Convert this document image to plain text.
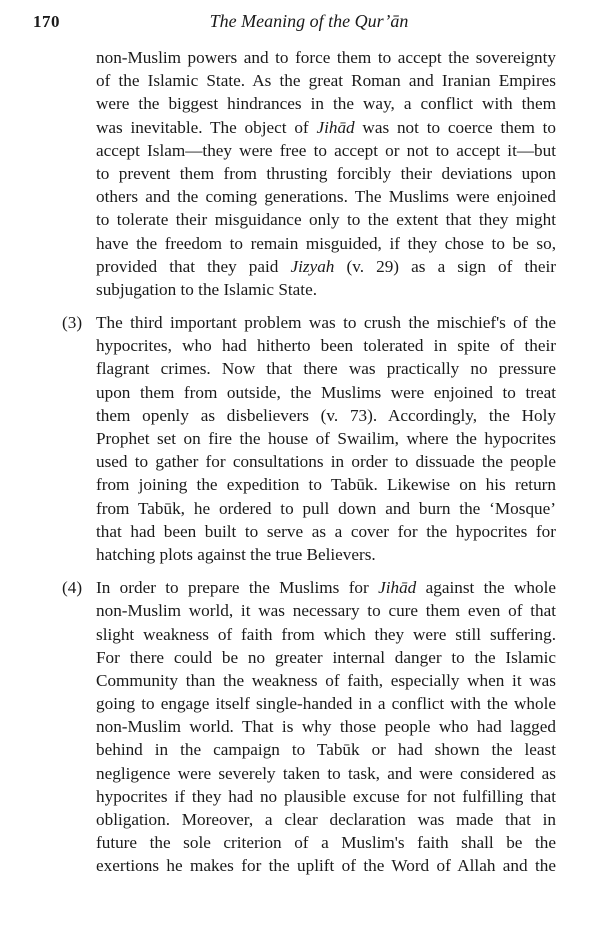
170	The Meaning of the Qur’ān
non-Muslim powers and to force them to accept the sovereignty
of the Islamic State. As the great Roman and Iranian Empires
were the biggest hindrances in the way, a conflict with them
was inevitable. The object of Jihād was not to coerce them to
accept Islam—they were free to accept or not to accept it—but
to prevent them from thrusting forcibly their deviations upon
others and the coming generations. The Muslims were enjoined
to tolerate their misguidance only to the extent that they might
have the freedom to remain misguided, if they chose to be so,
provided that they paid Jizyah (v. 29) as a sign of their
subjugation to the Islamic State.
(3) The third important problem was to crush the mischief's of the
hypocrites, who had hitherto been tolerated in spite of their
flagrant crimes. Now that there was practically no pressure
upon them from outside, the Muslims were enjoined to treat
them openly as disbelievers (v. 73). Accordingly, the Holy
Prophet set on fire the house of Swailim, where the hypocrites
used to gather for consultations in order to dissuade the people
from joining the expedition to Tabūk. Likewise on his return
from Tabūk, he ordered to pull down and burn the ‘Mosque’
that had been built to serve as a cover for the hypocrites for
hatching plots against the true Believers.
(4) In order to prepare the Muslims for Jihād against the whole
non-Muslim world, it was necessary to cure them even of that
slight weakness of faith from which they were still suffering.
For there could be no greater internal danger to the Islamic
Community than the weakness of faith, especially when it was
going to engage itself single-handed in a conflict with the whole
non-Muslim world. That is why those people who had lagged
behind in the campaign to Tabūk or had shown the least
negligence were severely taken to task, and were considered as
hypocrites if they had no plausible excuse for not fulfilling that
obligation. Moreover, a clear declaration was made that in
future the sole criterion of a Muslim's faith shall be the
exertions he makes for the uplift of the Word of Allah and the
